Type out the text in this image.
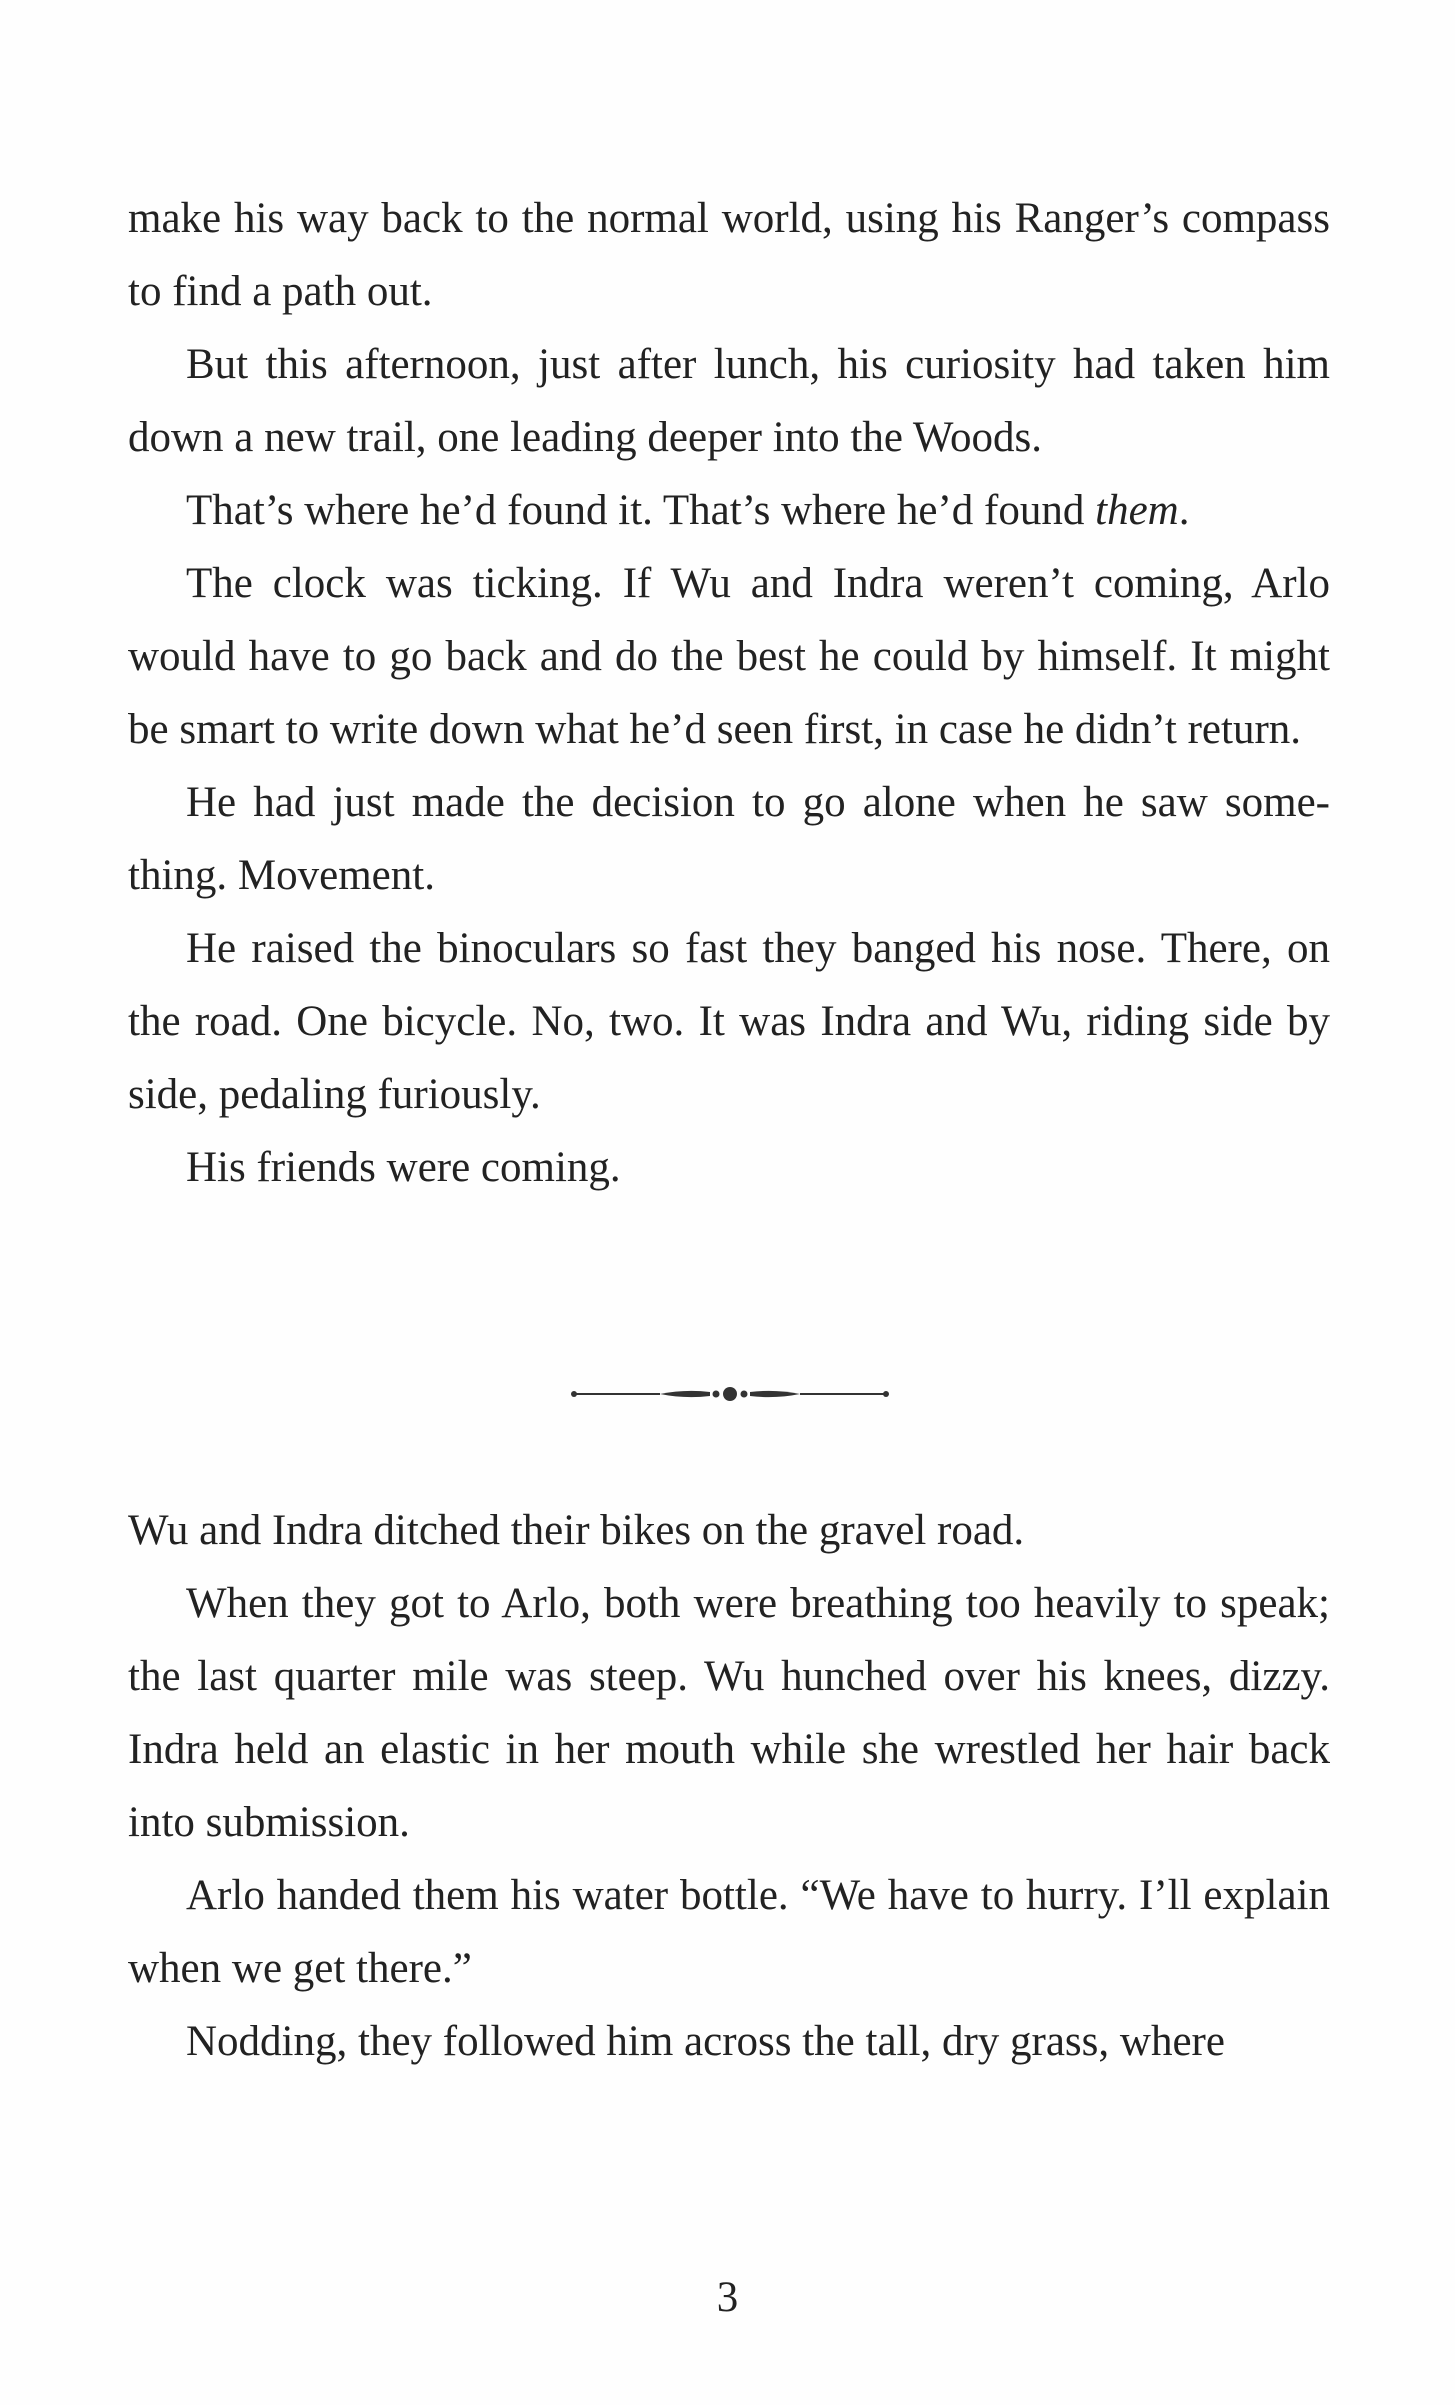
make his way back to the normal world, using his Ranger’s compass to find a path out.

But this afternoon, just after lunch, his curiosity had taken him down a new trail, one leading deeper into the Woods.

That’s where he’d found it. That’s where he’d found them.

The clock was ticking. If Wu and Indra weren’t coming, Arlo would have to go back and do the best he could by himself. It might be smart to write down what he’d seen first, in case he didn’t return.

He had just made the decision to go alone when he saw something. Movement.

He raised the binoculars so fast they banged his nose. There, on the road. One bicycle. No, two. It was Indra and Wu, riding side by side, pedaling furiously.

His friends were coming.

Wu and Indra ditched their bikes on the gravel road.

When they got to Arlo, both were breathing too heavily to speak; the last quarter mile was steep. Wu hunched over his knees, dizzy. Indra held an elastic in her mouth while she wrestled her hair back into submission.

Arlo handed them his water bottle. “We have to hurry. I’ll explain when we get there.”

Nodding, they followed him across the tall, dry grass, where

3
